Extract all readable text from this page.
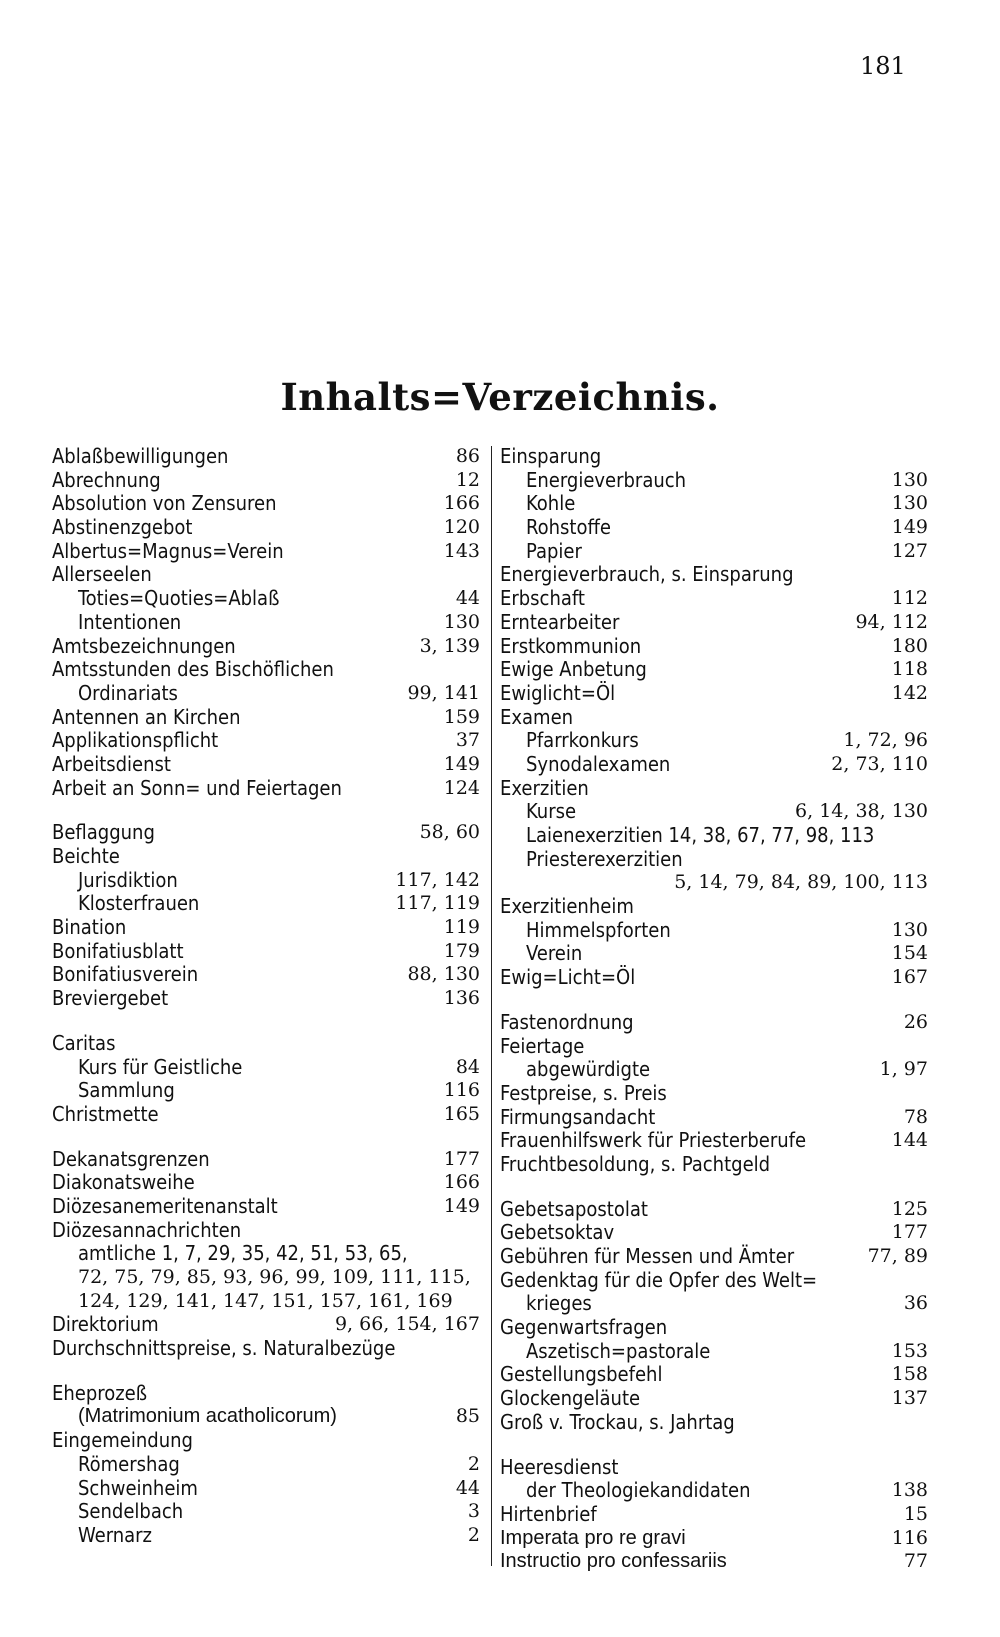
181
Inhalts=Verzeichnis.
Ablaßbewilligungen	86
Abrechnung	12
Absolution von Zensuren	166
Abstinenzgebot	120
Albertus=Magnus=Verein	143
Allerseelen
Toties=Quoties=Ablaß	44
Intentionen	130
Amtsbezeichnungen	3, 139
Amtsstunden des Bischöflichen
Ordinariats	99, 141
Antennen an Kirchen	159
Applikationspflicht	37
Arbeitsdienst	149
Arbeit an Sonn= und Feiertagen	124
Beflaggung	58, 60
Beichte
Jurisdiktion	117, 142
Klosterfrauen	117, 119
Bination	119
Bonifatiusblatt	179
Bonifatiusverein	88, 130
Breviergebet	136
Caritas
Kurs für Geistliche	84
Sammlung	116
Christmette	165
Dekanatsgrenzen	177
Diakonatsweihe	166
Diözesanemeritenanstalt	149
Diözesannachrichten
amtliche 1, 7, 29, 35, 42, 51, 53, 65,
72, 75, 79, 85, 93, 96, 99, 109, 111, 115,
124, 129, 141, 147, 151, 157, 161, 169
Direktorium	9, 66, 154, 167
Durchschnittspreise, s. Naturalbezüge
Eheprozeß
(Matrimonium acatholicorum)	85
Eingemeindung
Römershag	2
Schweinheim	44
Sendelbach	3
Wernarz	2
Einsparung
Energieverbrauch	130
Kohle	130
Rohstoffe	149
Papier	127
Energieverbrauch, s. Einsparung
Erbschaft	112
Erntearbeiter	94, 112
Erstkommunion	180
Ewige Anbetung	118
Ewiglicht=Öl	142
Examen
Pfarrkonkurs	1, 72, 96
Synodalexamen	2, 73, 110
Exerzitien
Kurse	6, 14, 38, 130
Laienexerzitien 14, 38, 67, 77, 98, 113
Priesterexerzitien
5, 14, 79, 84, 89, 100, 113
Exerzitienheim
Himmelspforten	130
Verein	154
Ewig=Licht=Öl	167
Fastenordnung	26
Feiertage
abgewürdigte	1, 97
Festpreise, s. Preis
Firmungsandacht	78
Frauenhilfswerk für Priesterberufe	144
Fruchtbesoldung, s. Pachtgeld
Gebetsapostolat	125
Gebetsoktav	177
Gebühren für Messen und Ämter	77, 89
Gedenktag für die Opfer des Welt=
krieges	36
Gegenwartsfragen
Aszetisch=pastorale	153
Gestellungsbefehl	158
Glockengeläute	137
Groß v. Trockau, s. Jahrtag
Heeresdienst
der Theologiekandidaten	138
Hirtenbrief	15
Imperata pro re gravi	116
Instructio pro confessariis	77
